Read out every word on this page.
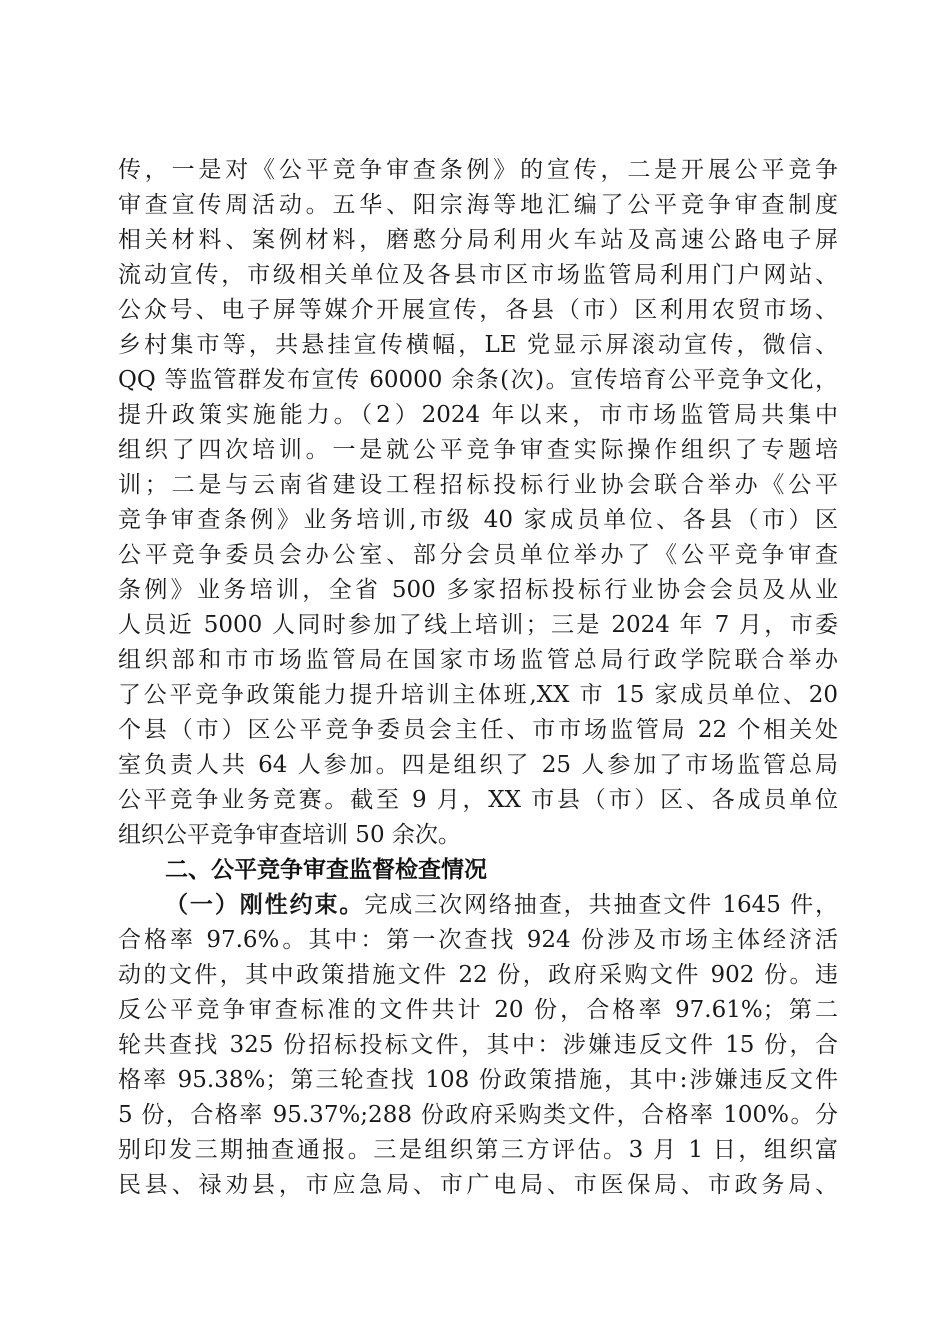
传，一是对《公平竞争审查条例》的宣传，二是开展公平竞争
审查宣传周活动。五华、阳宗海等地汇编了公平竞争审查制度
相关材料、案例材料，磨憨分局利用火车站及高速公路电子屏
流动宣传，市级相关单位及各县市区市场监管局利用门户网站、
公众号、电子屏等媒介开展宣传，各县（市）区利用农贸市场、
乡村集市等，共悬挂宣传横幅，LE 党显示屏滚动宣传，微信、
QQ 等监管群发布宣传 60000 余条(次)。宣传培育公平竞争文化，
提升政策实施能力。（2）2024 年以来，市市场监管局共集中
组织了四次培训。一是就公平竞争审查实际操作组织了专题培
训；二是与云南省建设工程招标投标行业协会联合举办《公平
竞争审查条例》业务培训,市级 40 家成员单位、各县（市）区
公平竞争委员会办公室、部分会员单位举办了《公平竞争审查
条例》业务培训，全省 500 多家招标投标行业协会会员及从业
人员近 5000 人同时参加了线上培训；三是 2024 年 7 月，市委
组织部和市市场监管局在国家市场监管总局行政学院联合举办
了公平竞争政策能力提升培训主体班,XX 市 15 家成员单位、20
个县（市）区公平竞争委员会主任、市市场监管局 22 个相关处
室负责人共 64 人参加。四是组织了 25 人参加了市场监管总局
公平竞争业务竞赛。截至 9 月，XX 市县（市）区、各成员单位
组织公平竞争审查培训 50 余次。
二、公平竞争审查监督检查情况
（一）刚性约束。完成三次网络抽查，共抽查文件 1645 件，
合格率 97.6%。其中：第一次查找 924 份涉及市场主体经济活
动的文件，其中政策措施文件 22 份，政府采购文件 902 份。违
反公平竞争审查标准的文件共计 20 份，合格率 97.61%；第二
轮共查找 325 份招标投标文件，其中：涉嫌违反文件 15 份，合
格率 95.38%；第三轮查找 108 份政策措施，其中:涉嫌违反文件
5 份，合格率 95.37%;288 份政府采购类文件，合格率 100%。分
别印发三期抽查通报。三是组织第三方评估。3 月 1 日，组织富
民县、禄劝县，市应急局、市广电局、市医保局、市政务局、
